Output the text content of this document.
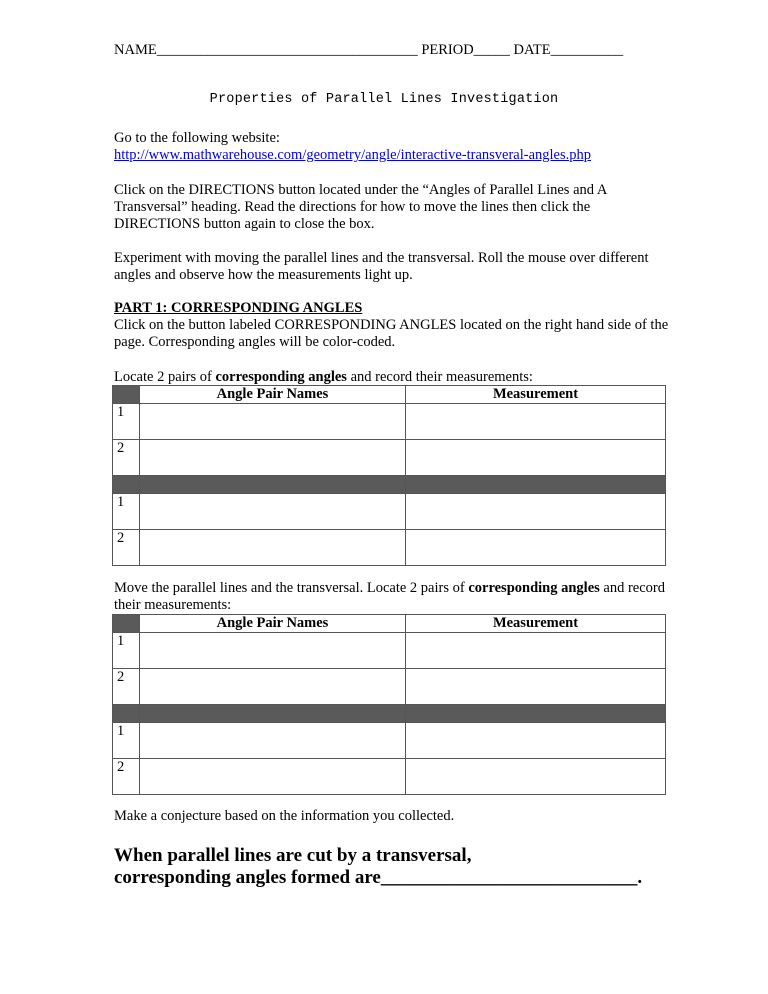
NAME____________________________________ PERIOD_____ DATE__________
Properties of Parallel Lines Investigation
Go to the following website:
http://www.mathwarehouse.com/geometry/angle/interactive-transveral-angles.php
Click on the DIRECTIONS button located under the “Angles of Parallel Lines and A Transversal” heading. Read the directions for how to move the lines then click the DIRECTIONS button again to close the box.
Experiment with moving the parallel lines and the transversal. Roll the mouse over different angles and observe how the measurements light up.
PART 1: CORRESPONDING ANGLES
Click on the button labeled CORRESPONDING ANGLES located on the right hand side of the page. Corresponding angles will be color-coded.
Locate 2 pairs of corresponding angles and record their measurements:
	Angle Pair Names	Measurement
1		
2		

1		
2		
Move the parallel lines and the transversal. Locate 2 pairs of corresponding angles and record their measurements:
	Angle Pair Names	Measurement
1		
2		

1		
2		
Make a conjecture based on the information you collected.
When parallel lines are cut by a transversal,
corresponding angles formed are___________________________.
